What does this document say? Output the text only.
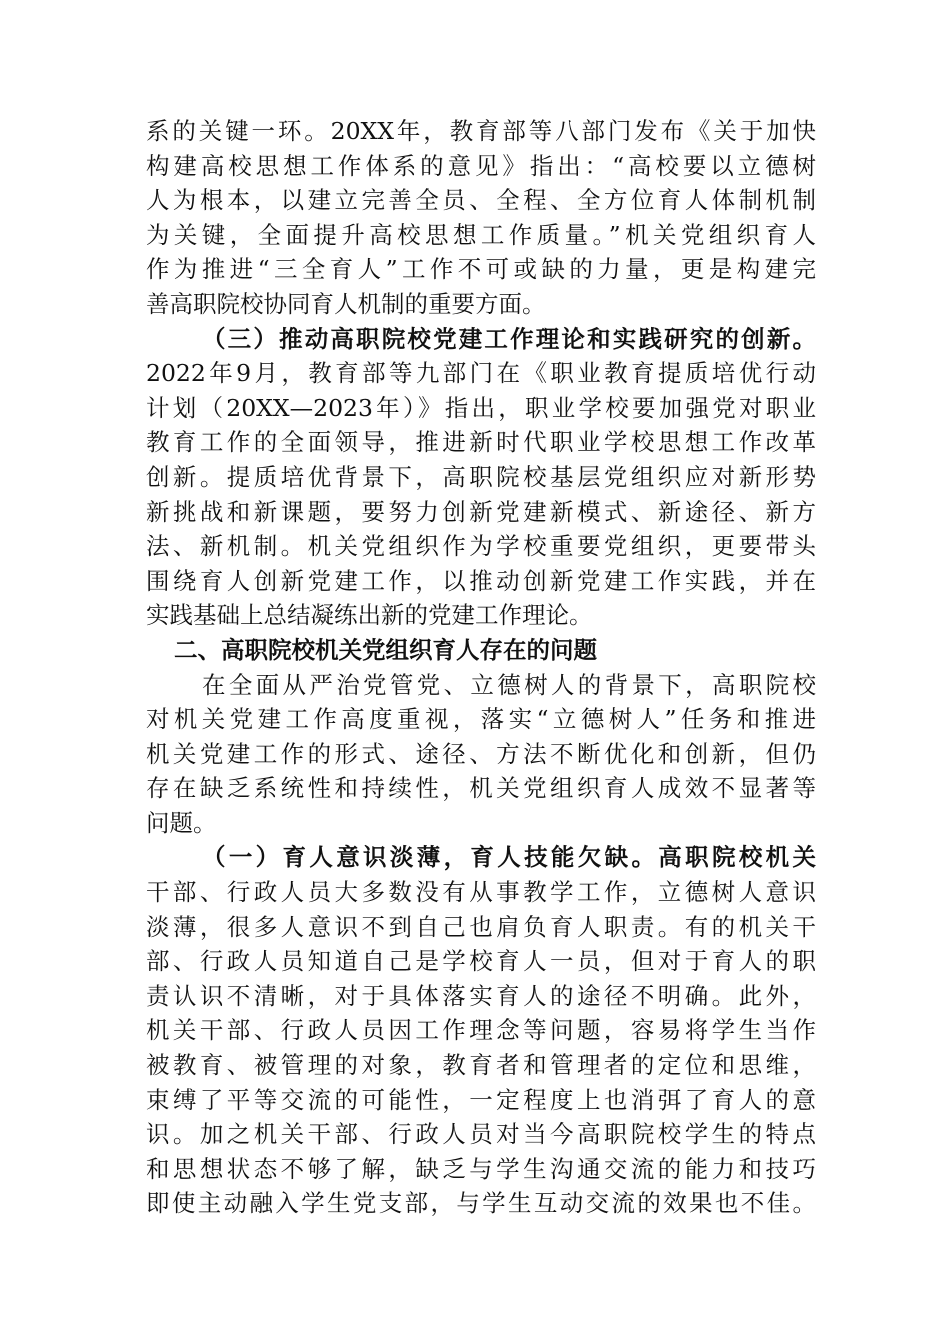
系的关键一环。20XX年，教育部等八部门发布《关于加快
构建高校思想工作体系的意见》指出：“高校要以立德树
人为根本，以建立完善全员、全程、全方位育人体制机制
为关键，全面提升高校思想工作质量。”机关党组织育人
作为推进“三全育人”工作不可或缺的力量，更是构建完
善高职院校协同育人机制的重要方面。
（三）推动高职院校党建工作理论和实践研究的创新。
2022年9月，教育部等九部门在《职业教育提质培优行动
计划（20XX—2023年）》指出，职业学校要加强党对职业
教育工作的全面领导，推进新时代职业学校思想工作改革
创新。提质培优背景下，高职院校基层党组织应对新形势
新挑战和新课题，要努力创新党建新模式、新途径、新方
法、新机制。机关党组织作为学校重要党组织，更要带头
围绕育人创新党建工作，以推动创新党建工作实践，并在
实践基础上总结凝练出新的党建工作理论。
二、高职院校机关党组织育人存在的问题
在全面从严治党管党、立德树人的背景下，高职院校
对机关党建工作高度重视，落实“立德树人”任务和推进
机关党建工作的形式、途径、方法不断优化和创新，但仍
存在缺乏系统性和持续性，机关党组织育人成效不显著等
问题。
（一）育人意识淡薄，育人技能欠缺。高职院校机关
干部、行政人员大多数没有从事教学工作，立德树人意识
淡薄，很多人意识不到自己也肩负育人职责。有的机关干
部、行政人员知道自己是学校育人一员，但对于育人的职
责认识不清晰，对于具体落实育人的途径不明确。此外，
机关干部、行政人员因工作理念等问题，容易将学生当作
被教育、被管理的对象，教育者和管理者的定位和思维，
束缚了平等交流的可能性，一定程度上也消弭了育人的意
识。加之机关干部、行政人员对当今高职院校学生的特点
和思想状态不够了解，缺乏与学生沟通交流的能力和技巧
即使主动融入学生党支部，与学生互动交流的效果也不佳。
